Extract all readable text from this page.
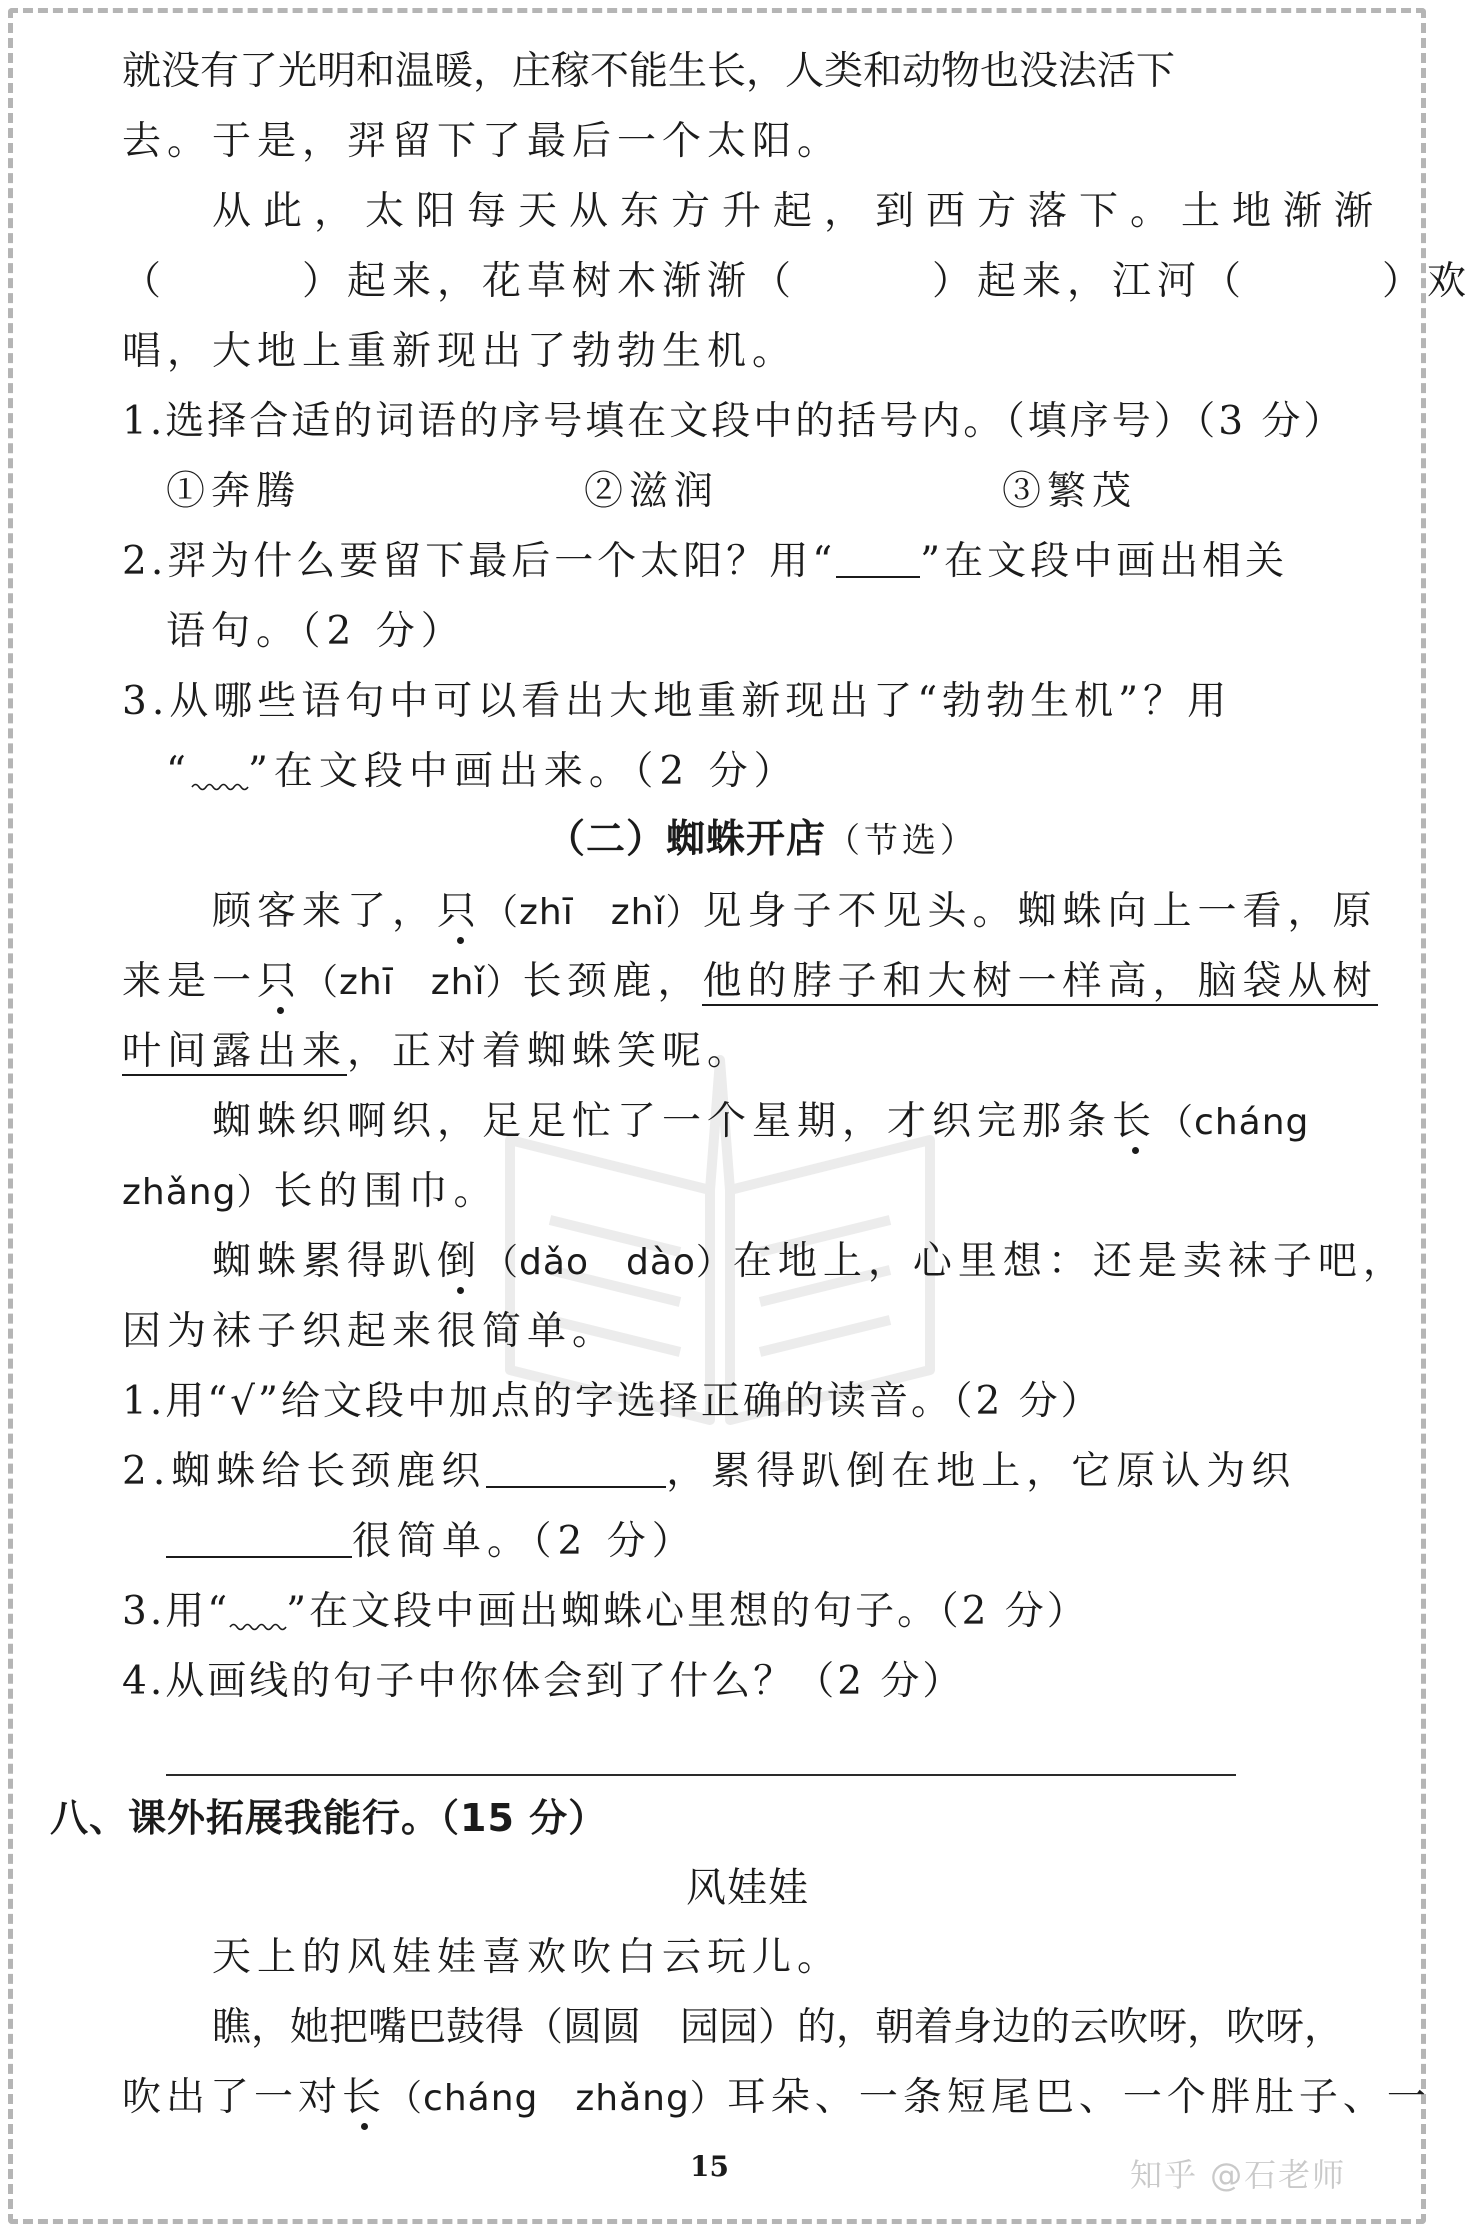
就没有了光明和温暖，庄稼不能生长，人类和动物也没法活下
去。于是，羿留下了最后一个太阳。
从此，太阳每天从东方升起，到西方落下。土地渐渐
（	）起来，花草树木渐渐（	）起来，江河（	）欢
唱，大地上重新现出了勃勃生机。
1.选择合适的词语的序号填在文段中的括号内。（填序号）（3 分）
①奔腾	②滋润	③繁茂
2.羿为什么要留下最后一个太阳？用“ ”在文段中画出相关
语句。（2 分）
3.从哪些语句中可以看出大地重新现出了“勃勃生机”？用
“ ”在文段中画出来。（2 分）
（二）蜘蛛开店（节选）
顾客来了，只（zhī　zhǐ）见身子不见头。蜘蛛向上一看，原
来是一只（zhī　zhǐ）长颈鹿，他的脖子和大树一样高，脑袋从树
叶间露出来，正对着蜘蛛笑呢。
蜘蛛织啊织，足足忙了一个星期，才织完那条长（cháng
zhǎng）长的围巾。
蜘蛛累得趴倒（dǎo　dào）在地上，心里想：还是卖袜子吧，
因为袜子织起来很简单。
1.用“√”给文段中加点的字选择正确的读音。（2 分）
2.蜘蛛给长颈鹿织	，累得趴倒在地上，它原认为织
很简单。（2 分）
3.用“ ”在文段中画出蜘蛛心里想的句子。（2 分）
4.从画线的句子中你体会到了什么？（2 分）
八、课外拓展我能行。（15 分）
风娃娃
天上的风娃娃喜欢吹白云玩儿。
瞧，她把嘴巴鼓得（圆圆　园园）的，朝着身边的云吹呀，吹呀，
吹出了一对长（cháng　zhǎng）耳朵、一条短尾巴、一个胖肚子、一
15	知乎 @石老师
